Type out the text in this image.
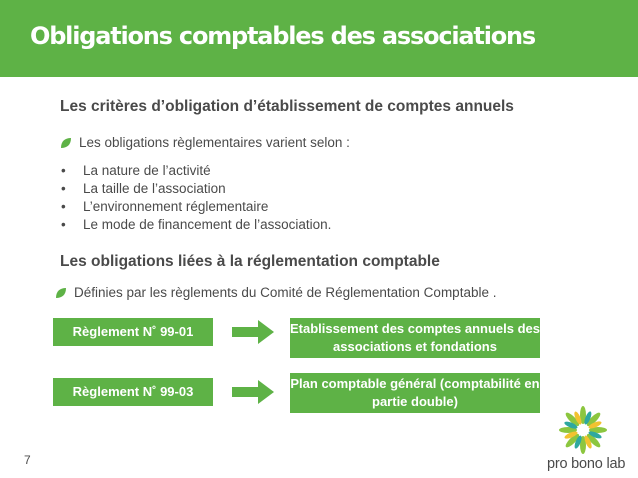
Obligations comptables des associations
Les critères d’obligation d’établissement de comptes annuels
Les obligations règlementaires varient selon :
• La nature de l’activité
• La taille de l’association
• L’environnement réglementaire
• Le mode de financement de l’association.
Les obligations liées à la réglementation comptable
Définies par les règlements du Comité de Réglementation Comptable .
Règlement N˚ 99-01	Etablissement des comptes annuels des associations et fondations
Règlement N˚ 99-03
Plan comptable général (comptabilité en partie double)
7	pro bono lab
